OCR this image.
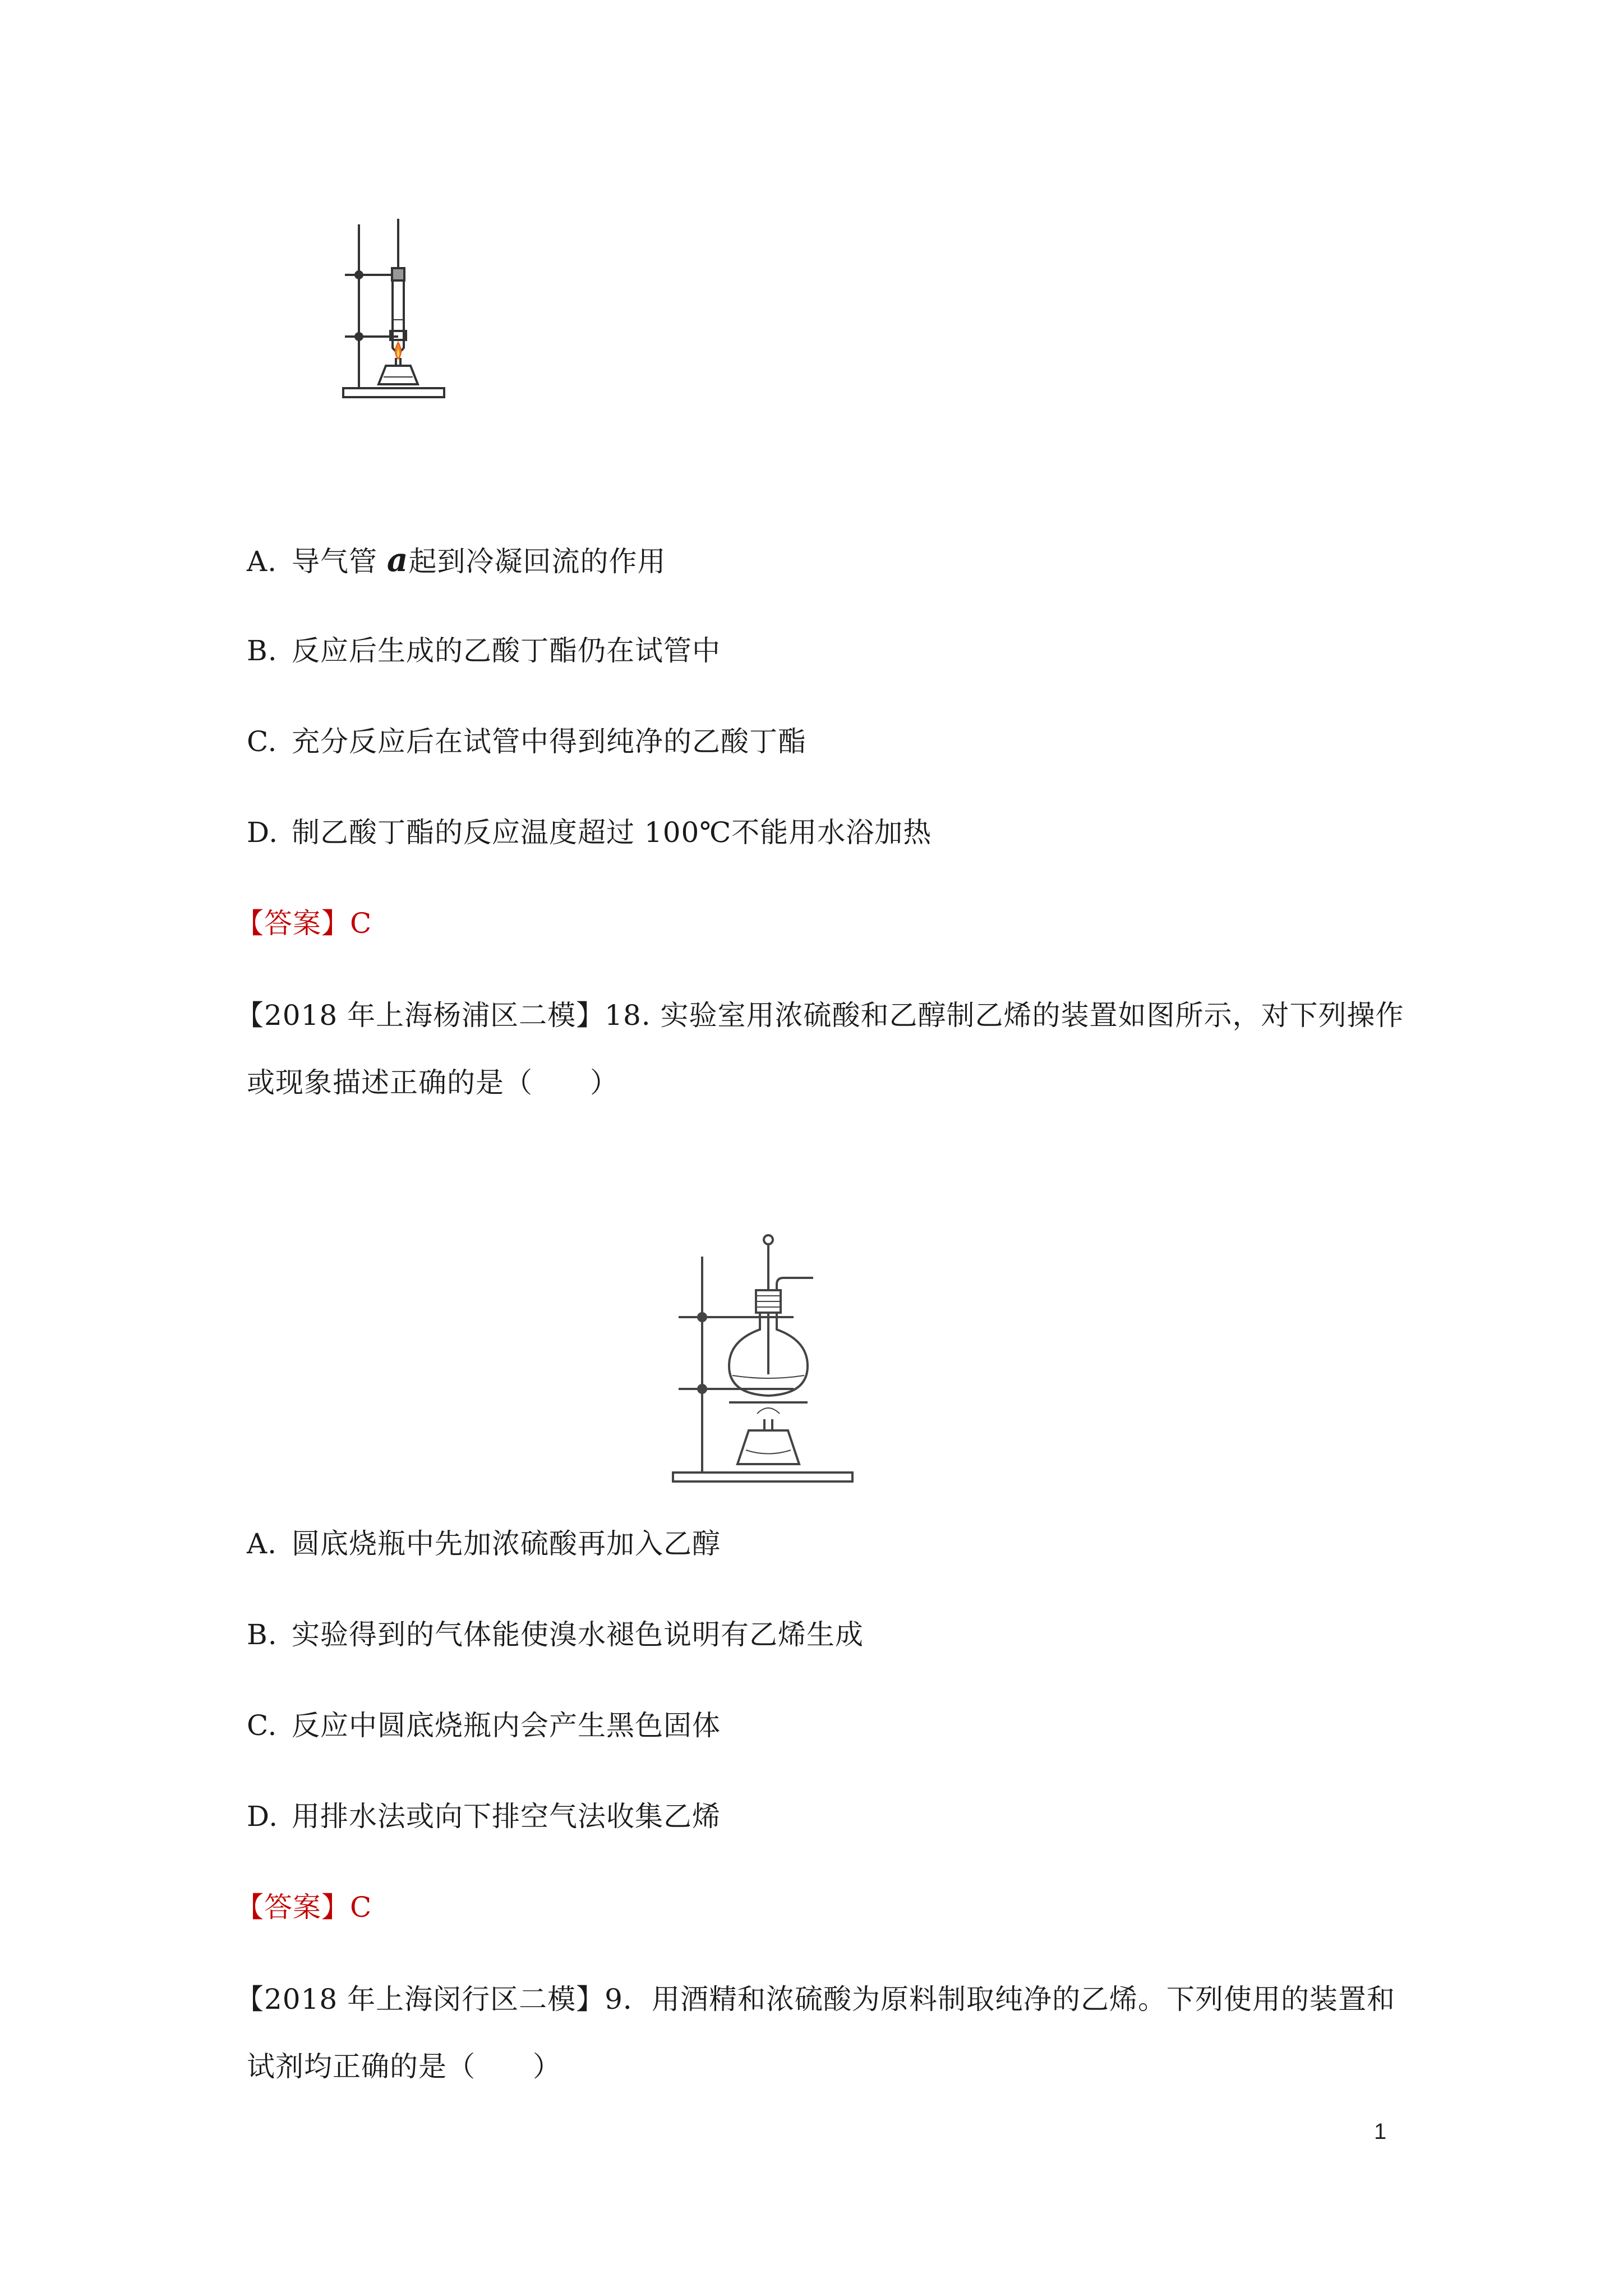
A. 导气管 a起到冷凝回流的作用
B. 反应后生成的乙酸丁酯仍在试管中
C. 充分反应后在试管中得到纯净的乙酸丁酯
D. 制乙酸丁酯的反应温度超过 100℃不能用水浴加热
【答案】C
【2018 年上海杨浦区二模】18. 实验室用浓硫酸和乙醇制乙烯的装置如图所示，对下列操作
或现象描述正确的是（　　）
A. 圆底烧瓶中先加浓硫酸再加入乙醇
B. 实验得到的气体能使溴水褪色说明有乙烯生成
C. 反应中圆底烧瓶内会产生黑色固体
D. 用排水法或向下排空气法收集乙烯
【答案】C
【2018 年上海闵行区二模】9．用酒精和浓硫酸为原料制取纯净的乙烯。下列使用的装置和
试剂均正确的是（　　）
1
